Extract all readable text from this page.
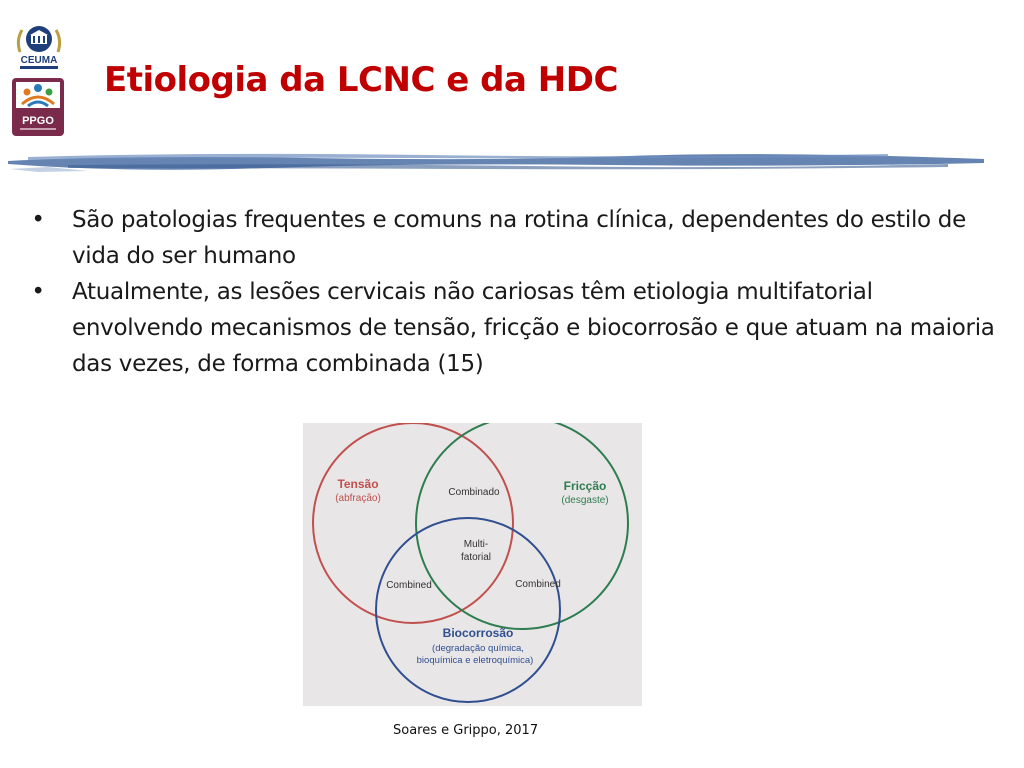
CEUMA
PPGO
Etiologia da LCNC e da HDC
• São patologias frequentes e comuns na rotina clínica, dependentes do estilo de vida do ser humano
• Atualmente, as lesões cervicais não cariosas têm etiologia multifatorial envolvendo mecanismos de tensão, fricção e biocorrosão e que atuam na maioria das vezes, de forma combinada (15)
Tensão
(abfração)
Fricção
(desgaste)
Combinado
Multi-
fatorial
Combined	Combined
Biocorrosão
(degradação química,
bioquímica e eletroquímica)
Soares e Grippo, 2017
